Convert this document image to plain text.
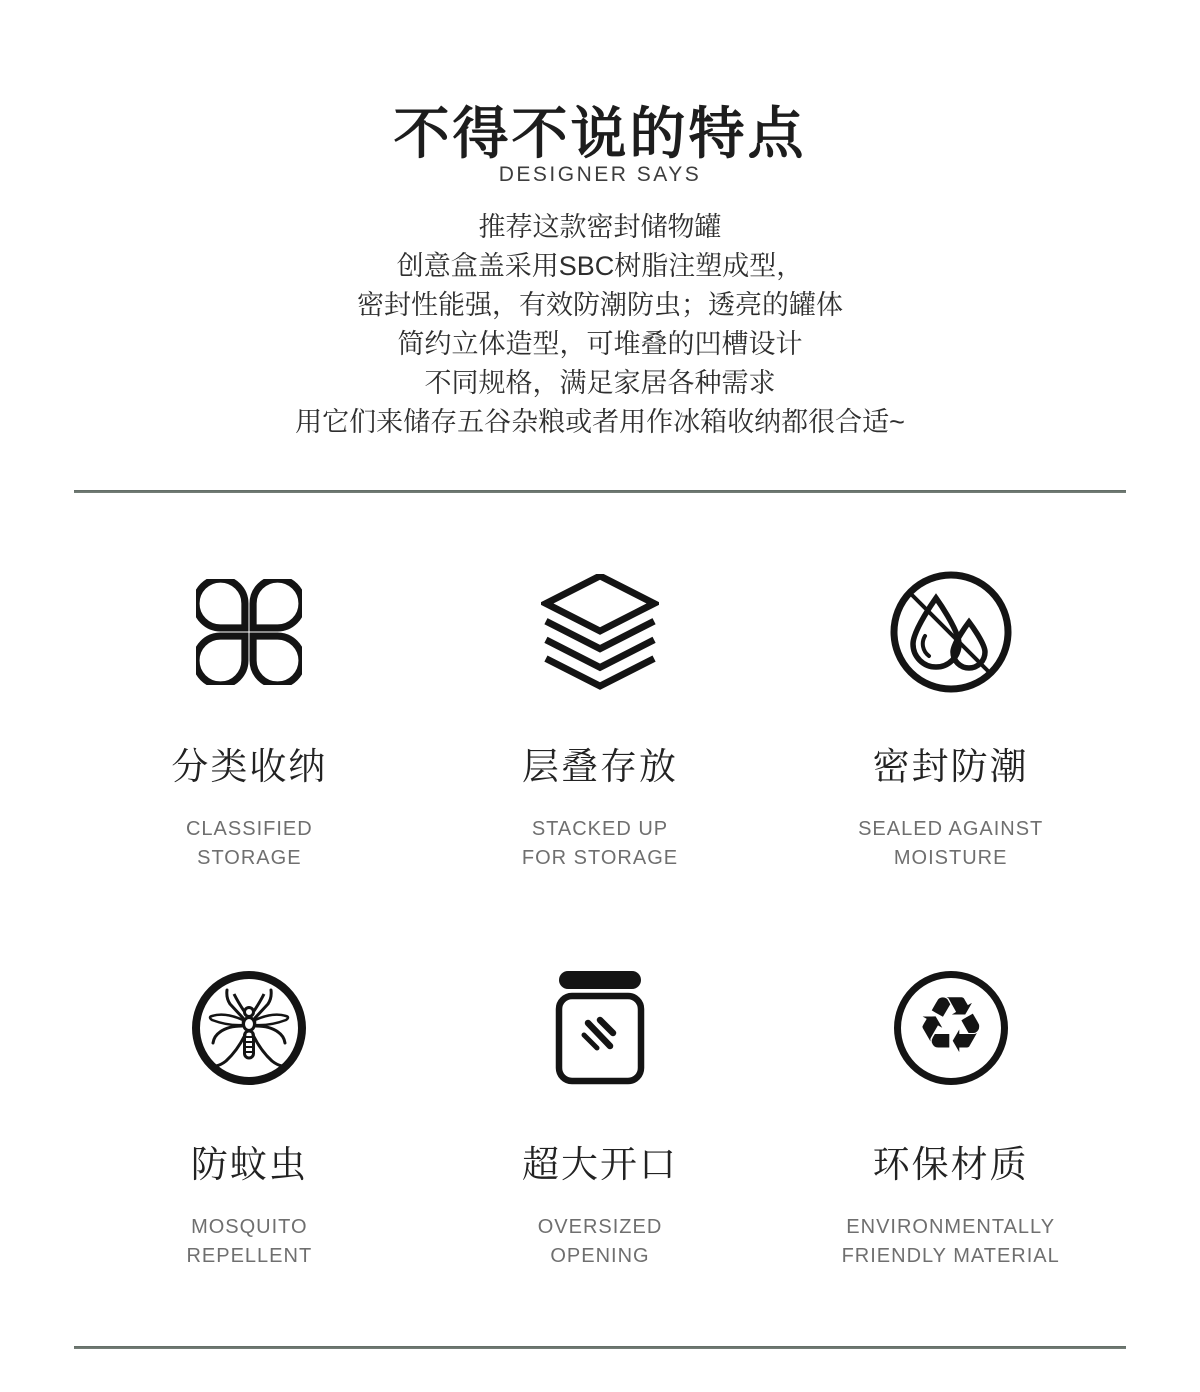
不得不说的特点
DESIGNER SAYS
推荐这款密封储物罐
创意盒盖采用SBC树脂注塑成型，
密封性能强，有效防潮防虫；透亮的罐体
简约立体造型，可堆叠的凹槽设计
不同规格，满足家居各种需求
用它们来储存五谷杂粮或者用作冰箱收纳都很合适~
分类收纳
CLASSIFIED
STORAGE
层叠存放
STACKED UP
FOR STORAGE
密封防潮
SEALED AGAINST
MOISTURE
防蚊虫
MOSQUITO
REPELLENT
超大开口
OVERSIZED
OPENING
♻
环保材质
ENVIRONMENTALLY
FRIENDLY MATERIAL
